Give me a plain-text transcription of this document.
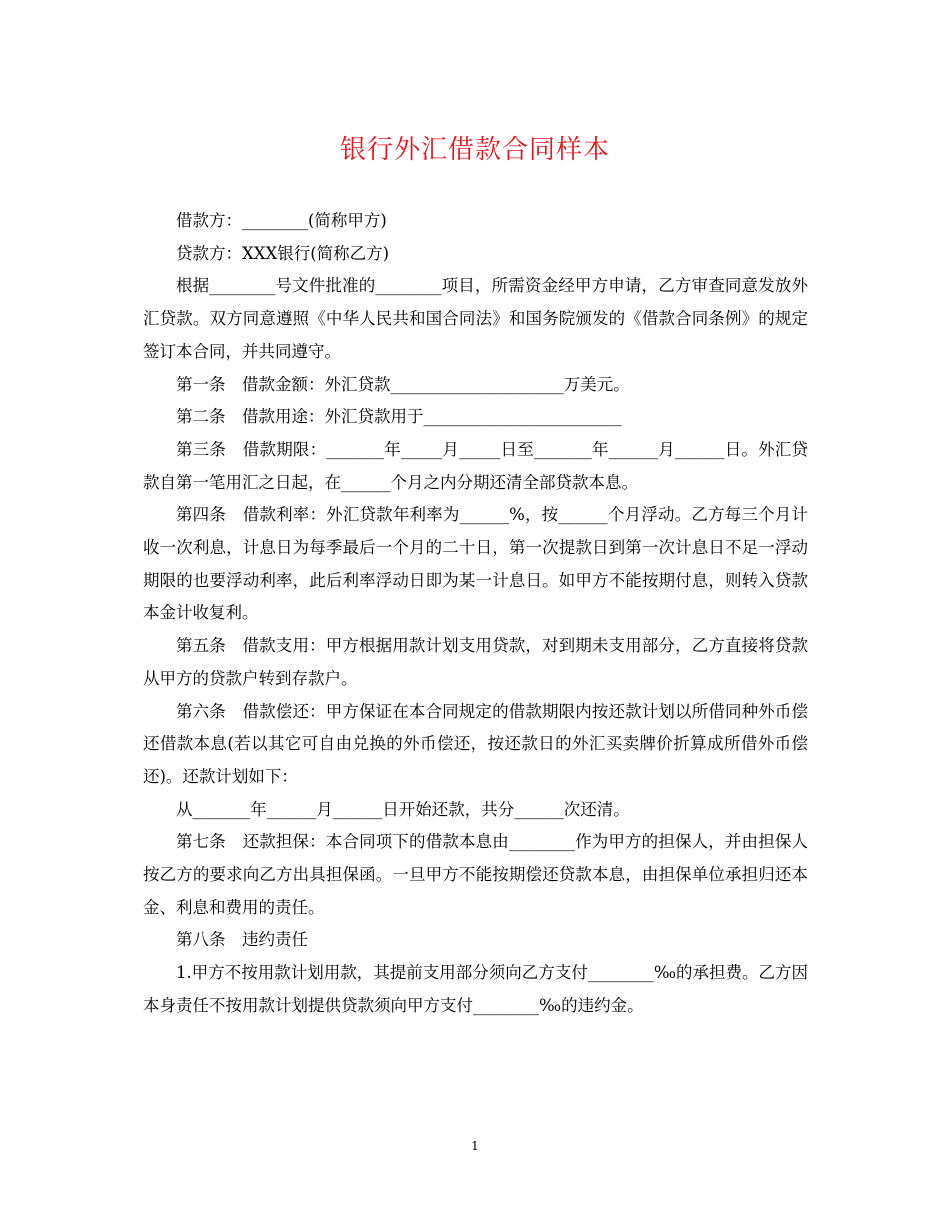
银行外汇借款合同样本

借款方：________(简称甲方)

贷款方：XXX银行(简称乙方)

根据________号文件批准的________项目，所需资金经甲方申请，乙方审查同意发放外汇贷款。双方同意遵照《中华人民共和国合同法》和国务院颁发的《借款合同条例》的规定签订本合同，并共同遵守。

第一条　借款金额：外汇贷款_____________________万美元。

第二条　借款用途：外汇贷款用于________________________

第三条　借款期限：_______年_____月_____日至_______年______月______日。外汇贷款自第一笔用汇之日起，在______个月之内分期还清全部贷款本息。

第四条　借款利率：外汇贷款年利率为______%，按______个月浮动。乙方每三个月计收一次利息，计息日为每季最后一个月的二十日，第一次提款日到第一次计息日不足一浮动期限的也要浮动利率，此后利率浮动日即为某一计息日。如甲方不能按期付息，则转入贷款本金计收复利。

第五条　借款支用：甲方根据用款计划支用贷款，对到期未支用部分，乙方直接将贷款从甲方的贷款户转到存款户。

第六条　借款偿还：甲方保证在本合同规定的借款期限内按还款计划以所借同种外币偿还借款本息(若以其它可自由兑换的外币偿还，按还款日的外汇买卖牌价折算成所借外币偿还)。还款计划如下：

从_______年______月______日开始还款，共分______次还清。

第七条　还款担保：本合同项下的借款本息由________作为甲方的担保人，并由担保人按乙方的要求向乙方出具担保函。一旦甲方不能按期偿还贷款本息，由担保单位承担归还本金、利息和费用的责任。

第八条　违约责任

1.甲方不按用款计划用款，其提前支用部分须向乙方支付________‰的承担费。乙方因本身责任不按用款计划提供贷款须向甲方支付________‰的违约金。

1
